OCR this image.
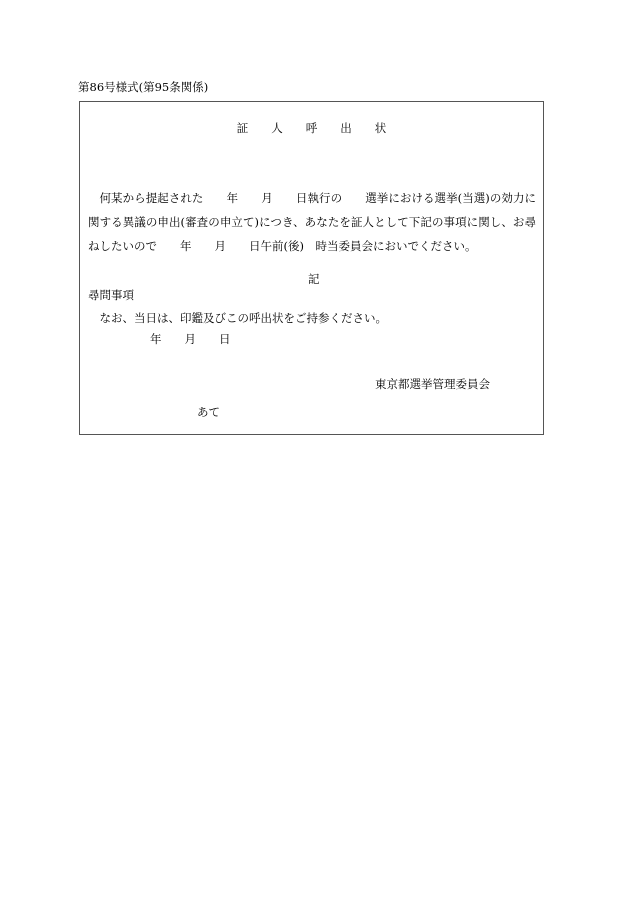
第86号様式(第95条関係)
証　　人　　呼　　出　　状

何某から提起された　　年　　月　　日執行の　　選挙における選挙(当選)の効力に関する異議の申出(審査の申立て)につき、あなたを証人として下記の事項に関し、お尋ねしたいので　　年　　月　　日午前(後)　時当委員会においでください。

なお、当日は、印鑑及びこの呼出状をご持参ください。

記
尋問事項
年　　月　　日
東京都選挙管理委員会
あて
